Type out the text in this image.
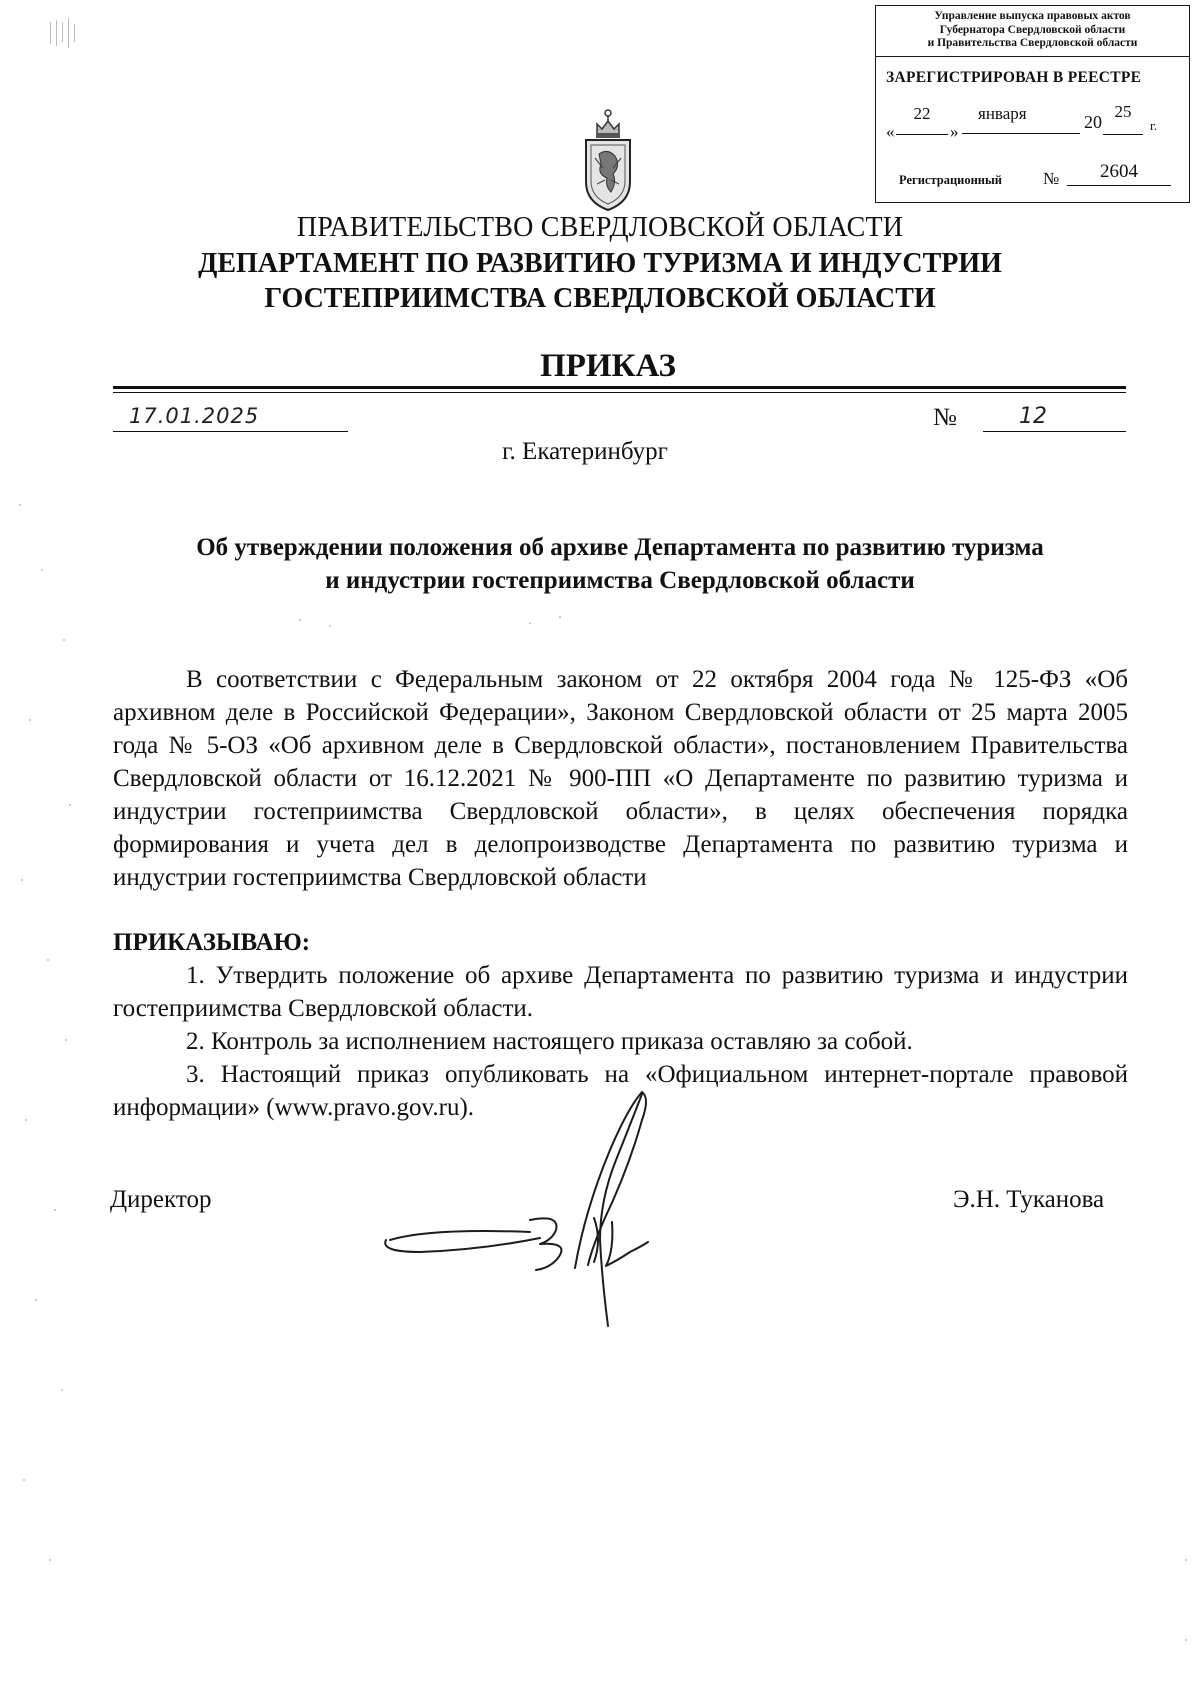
Управление выпуска правовых актов
Губернатора Свердловской области
и Правительства Свердловской области
ЗАРЕГИСТРИРОВАН В РЕЕСТРЕ
«
22
»
января	20
25
г.
Регистрационный №	2604
ПРАВИТЕЛЬСТВО СВЕРДЛОВСКОЙ ОБЛАСТИ
ДЕПАРТАМЕНТ ПО РАЗВИТИЮ ТУРИЗМА И ИНДУСТРИИ
ГОСТЕПРИИМСТВА СВЕРДЛОВСКОЙ ОБЛАСТИ
ПРИКАЗ
17.01.2025	№	12
г. Екатеринбург
Об утверждении положения об архиве Департамента по развитию туризма
и индустрии гостеприимства Свердловской области
В соответствии с Федеральным законом от 22 октября 2004 года № 125-ФЗ «Об архивном деле в Российской Федерации», Законом Свердловской области от 25 марта 2005 года № 5-ОЗ «Об архивном деле в Свердловской области», постановлением Правительства Свердловской области от 16.12.2021 № 900-ПП «О Департаменте по развитию туризма и индустрии гостеприимства Свердловской области», в целях обеспечения порядка формирования и учета дел в делопроизводстве Департамента по развитию туризма и индустрии гостеприимства Свердловской области
ПРИКАЗЫВАЮ:

1. Утвердить положение об архиве Департамента по развитию туризма и индустрии гостеприимства Свердловской области.

2. Контроль за исполнением настоящего приказа оставляю за собой.

3. Настоящий приказ опубликовать на «Официальном интернет-портале правовой информации» (www.pravo.gov.ru).

Директор	Э.Н. Туканова
